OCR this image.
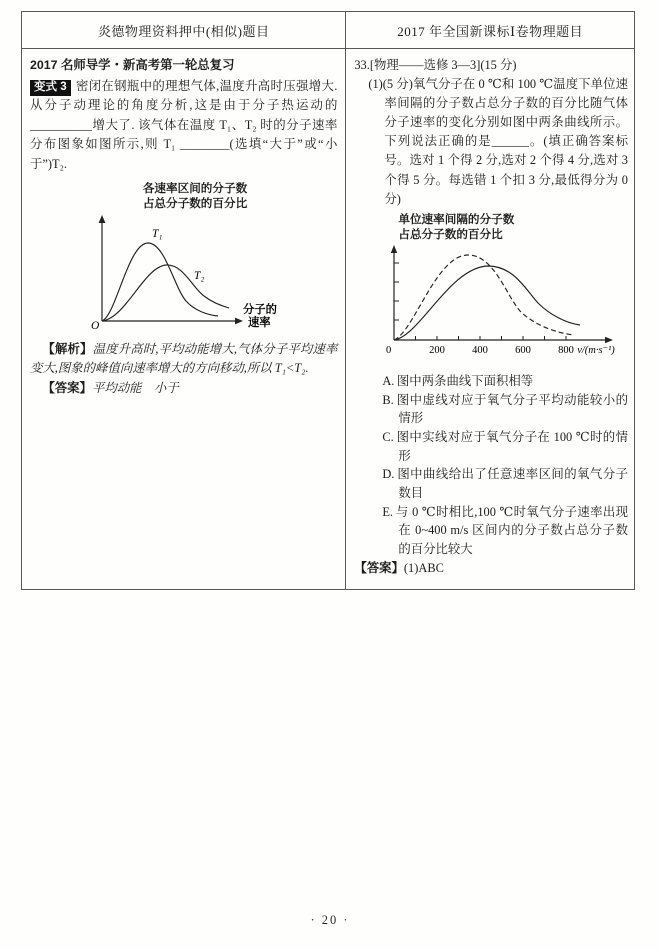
炎德物理资料押中(相似)题目	2017 年全国新课标Ⅰ卷物理题目
2017 名师导学・新高考第一轮总复习
变式 3 密闭在钢瓶中的理想气体,温度升高时压强增大. 从分子动理论的角度分析,这是由于分子热运动的__________增大了. 该气体在温度 T₁、T₂ 时的分子速率分布图象如图所示,则 T₁ ________(选填“大于”或“小于”)T₂.
各速率区间的分子数
占总分子数的百分比
T₁
T₂
O
分子的
速率
【解析】温度升高时,平均动能增大,气体分子平均速率变大,图象的峰值向速率增大的方向移动,所以 T₁<T₂.
【答案】平均动能　小于
33.[物理——选修 3—3](15 分)
(1)(5 分)氧气分子在 0 ℃和 100 ℃温度下单位速率间隔的分子数占总分子数的百分比随气体分子速率的变化分别如图中两条曲线所示。下列说法正确的是______。(填正确答案标号。选对 1 个得 2 分,选对 2 个得 4 分,选对 3 个得 5 分。每选错 1 个扣 3 分,最低得分为 0 分)
单位速率间隔的分子数
占总分子数的百分比
0	200	400	600	800 v/(m·s⁻¹)
A.  图中两条曲线下面积相等
B.  图中虚线对应于氧气分子平均动能较小的情形
C.  图中实线对应于氧气分子在 100 ℃时的情形
D.  图中曲线给出了任意速率区间的氧气分子数目
E.  与 0 ℃时相比,100 ℃时氧气分子速率出现在 0~400 m/s 区间内的分子数占总分子数的百分比较大
【答案】(1)ABC
· 20 ·
